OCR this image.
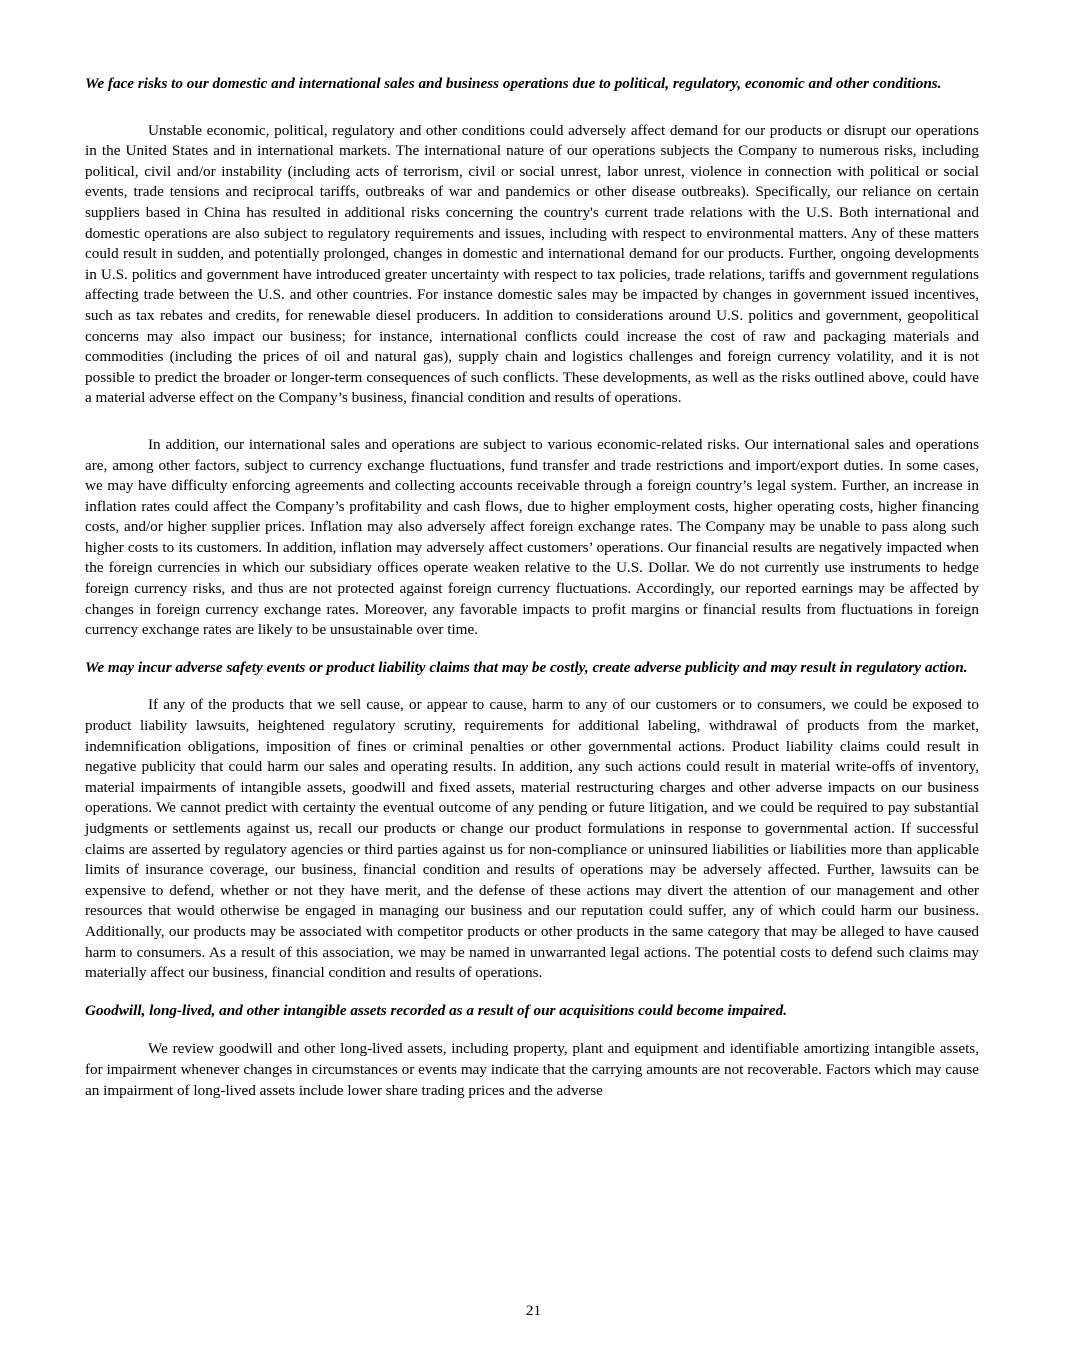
We face risks to our domestic and international sales and business operations due to political, regulatory, economic and other conditions.

Unstable economic, political, regulatory and other conditions could adversely affect demand for our products or disrupt our operations in the United States and in international markets. The international nature of our operations subjects the Company to numerous risks, including political, civil and/or instability (including acts of terrorism, civil or social unrest, labor unrest, violence in connection with political or social events, trade tensions and reciprocal tariffs, outbreaks of war and pandemics or other disease outbreaks). Specifically, our reliance on certain suppliers based in China has resulted in additional risks concerning the country's current trade relations with the U.S. Both international and domestic operations are also subject to regulatory requirements and issues, including with respect to environmental matters. Any of these matters could result in sudden, and potentially prolonged, changes in domestic and international demand for our products. Further, ongoing developments in U.S. politics and government have introduced greater uncertainty with respect to tax policies, trade relations, tariffs and government regulations affecting trade between the U.S. and other countries. For instance domestic sales may be impacted by changes in government issued incentives, such as tax rebates and credits, for renewable diesel producers. In addition to considerations around U.S. politics and government, geopolitical concerns may also impact our business; for instance, international conflicts could increase the cost of raw and packaging materials and commodities (including the prices of oil and natural gas), supply chain and logistics challenges and foreign currency volatility, and it is not possible to predict the broader or longer-term consequences of such conflicts. These developments, as well as the risks outlined above, could have a material adverse effect on the Company’s business, financial condition and results of operations.

In addition, our international sales and operations are subject to various economic-related risks. Our international sales and operations are, among other factors, subject to currency exchange fluctuations, fund transfer and trade restrictions and import/export duties. In some cases, we may have difficulty enforcing agreements and collecting accounts receivable through a foreign country’s legal system. Further, an increase in inflation rates could affect the Company’s profitability and cash flows, due to higher employment costs, higher operating costs, higher financing costs, and/or higher supplier prices. Inflation may also adversely affect foreign exchange rates. The Company may be unable to pass along such higher costs to its customers. In addition, inflation may adversely affect customers’ operations. Our financial results are negatively impacted when the foreign currencies in which our subsidiary offices operate weaken relative to the U.S. Dollar. We do not currently use instruments to hedge foreign currency risks, and thus are not protected against foreign currency fluctuations. Accordingly, our reported earnings may be affected by changes in foreign currency exchange rates. Moreover, any favorable impacts to profit margins or financial results from fluctuations in foreign currency exchange rates are likely to be unsustainable over time.

We may incur adverse safety events or product liability claims that may be costly, create adverse publicity and may result in regulatory action.

If any of the products that we sell cause, or appear to cause, harm to any of our customers or to consumers, we could be exposed to product liability lawsuits, heightened regulatory scrutiny, requirements for additional labeling, withdrawal of products from the market, indemnification obligations, imposition of fines or criminal penalties or other governmental actions. Product liability claims could result in negative publicity that could harm our sales and operating results. In addition, any such actions could result in material write-offs of inventory, material impairments of intangible assets, goodwill and fixed assets, material restructuring charges and other adverse impacts on our business operations. We cannot predict with certainty the eventual outcome of any pending or future litigation, and we could be required to pay substantial judgments or settlements against us, recall our products or change our product formulations in response to governmental action. If successful claims are asserted by regulatory agencies or third parties against us for non-compliance or uninsured liabilities or liabilities more than applicable limits of insurance coverage, our business, financial condition and results of operations may be adversely affected. Further, lawsuits can be expensive to defend, whether or not they have merit, and the defense of these actions may divert the attention of our management and other resources that would otherwise be engaged in managing our business and our reputation could suffer, any of which could harm our business. Additionally, our products may be associated with competitor products or other products in the same category that may be alleged to have caused harm to consumers. As a result of this association, we may be named in unwarranted legal actions. The potential costs to defend such claims may materially affect our business, financial condition and results of operations.

Goodwill, long-lived, and other intangible assets recorded as a result of our acquisitions could become impaired.

We review goodwill and other long-lived assets, including property, plant and equipment and identifiable amortizing intangible assets, for impairment whenever changes in circumstances or events may indicate that the carrying amounts are not recoverable. Factors which may cause an impairment of long-lived assets include lower share trading prices and the adverse

21
